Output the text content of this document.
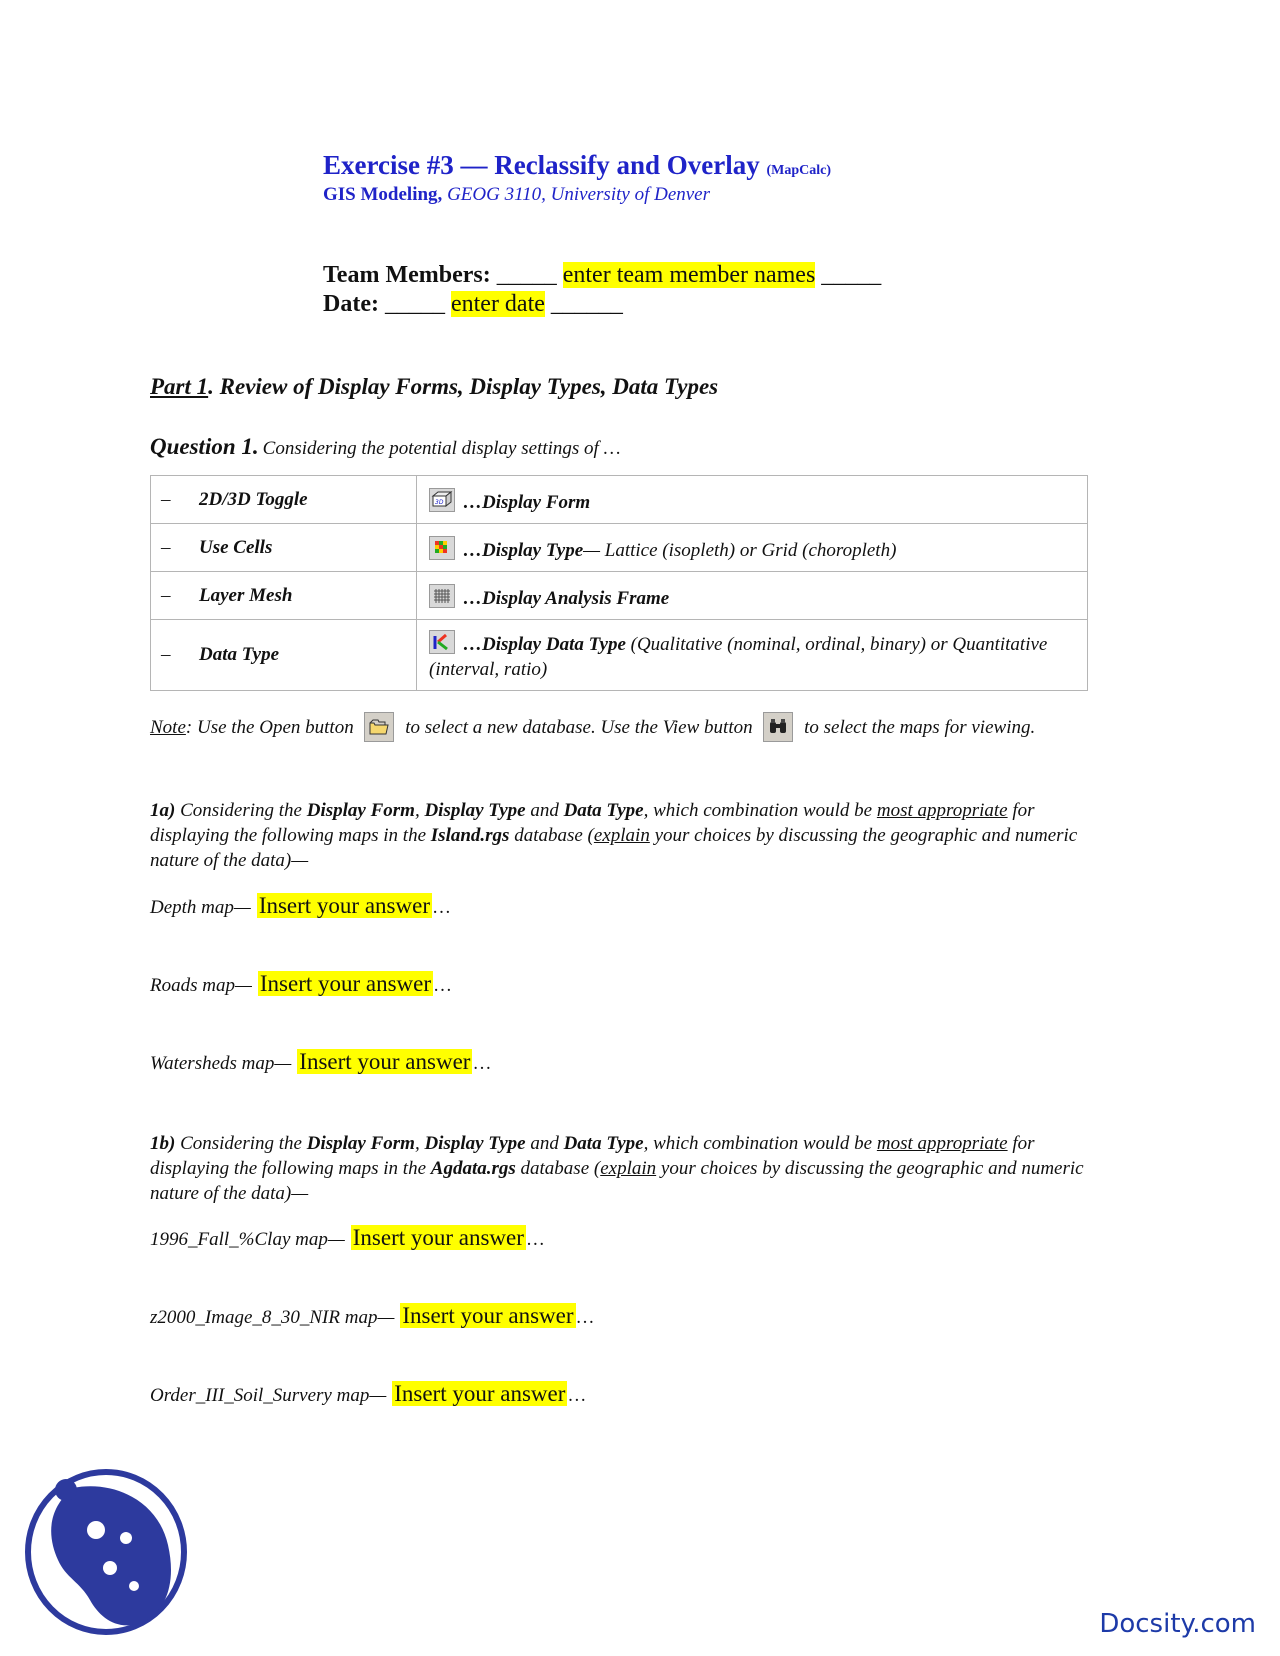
Exercise #3 — Reclassify and Overlay (MapCalc)
GIS Modeling, GEOG 3110, University of Denver
Team Members: _____ enter team member names _____
Date: _____ enter date ______
Part 1. Review of Display Forms, Display Types, Data Types
Question 1. Considering the potential display settings of …
– 2D/3D Toggle	3D …Display Form
– Use Cells	…Display Type— Lattice (isopleth) or Grid (choropleth)
– Layer Mesh	…Display Analysis Frame
– Data Type	…Display Data Type (Qualitative (nominal, ordinal, binary) or Quantitative (interval, ratio)
Note: Use the Open button	to select a new database. Use the View button	to select the maps for viewing.
1a) Considering the Display Form, Display Type and Data Type, which combination would be most appropriate for displaying the following maps in the Island.rgs database (explain your choices by discussing the geographic and numeric nature of the data)—
Depth map— Insert your answer …
Roads map— Insert your answer …
Watersheds map— Insert your answer …
1b) Considering the Display Form, Display Type and Data Type, which combination would be most appropriate for displaying the following maps in the Agdata.rgs database (explain your choices by discussing the geographic and numeric nature of the data)—
1996_Fall_%Clay map— Insert your answer …
z2000_Image_8_30_NIR map— Insert your answer …
Order_III_Soil_Survery map— Insert your answer …
Docsity.com
